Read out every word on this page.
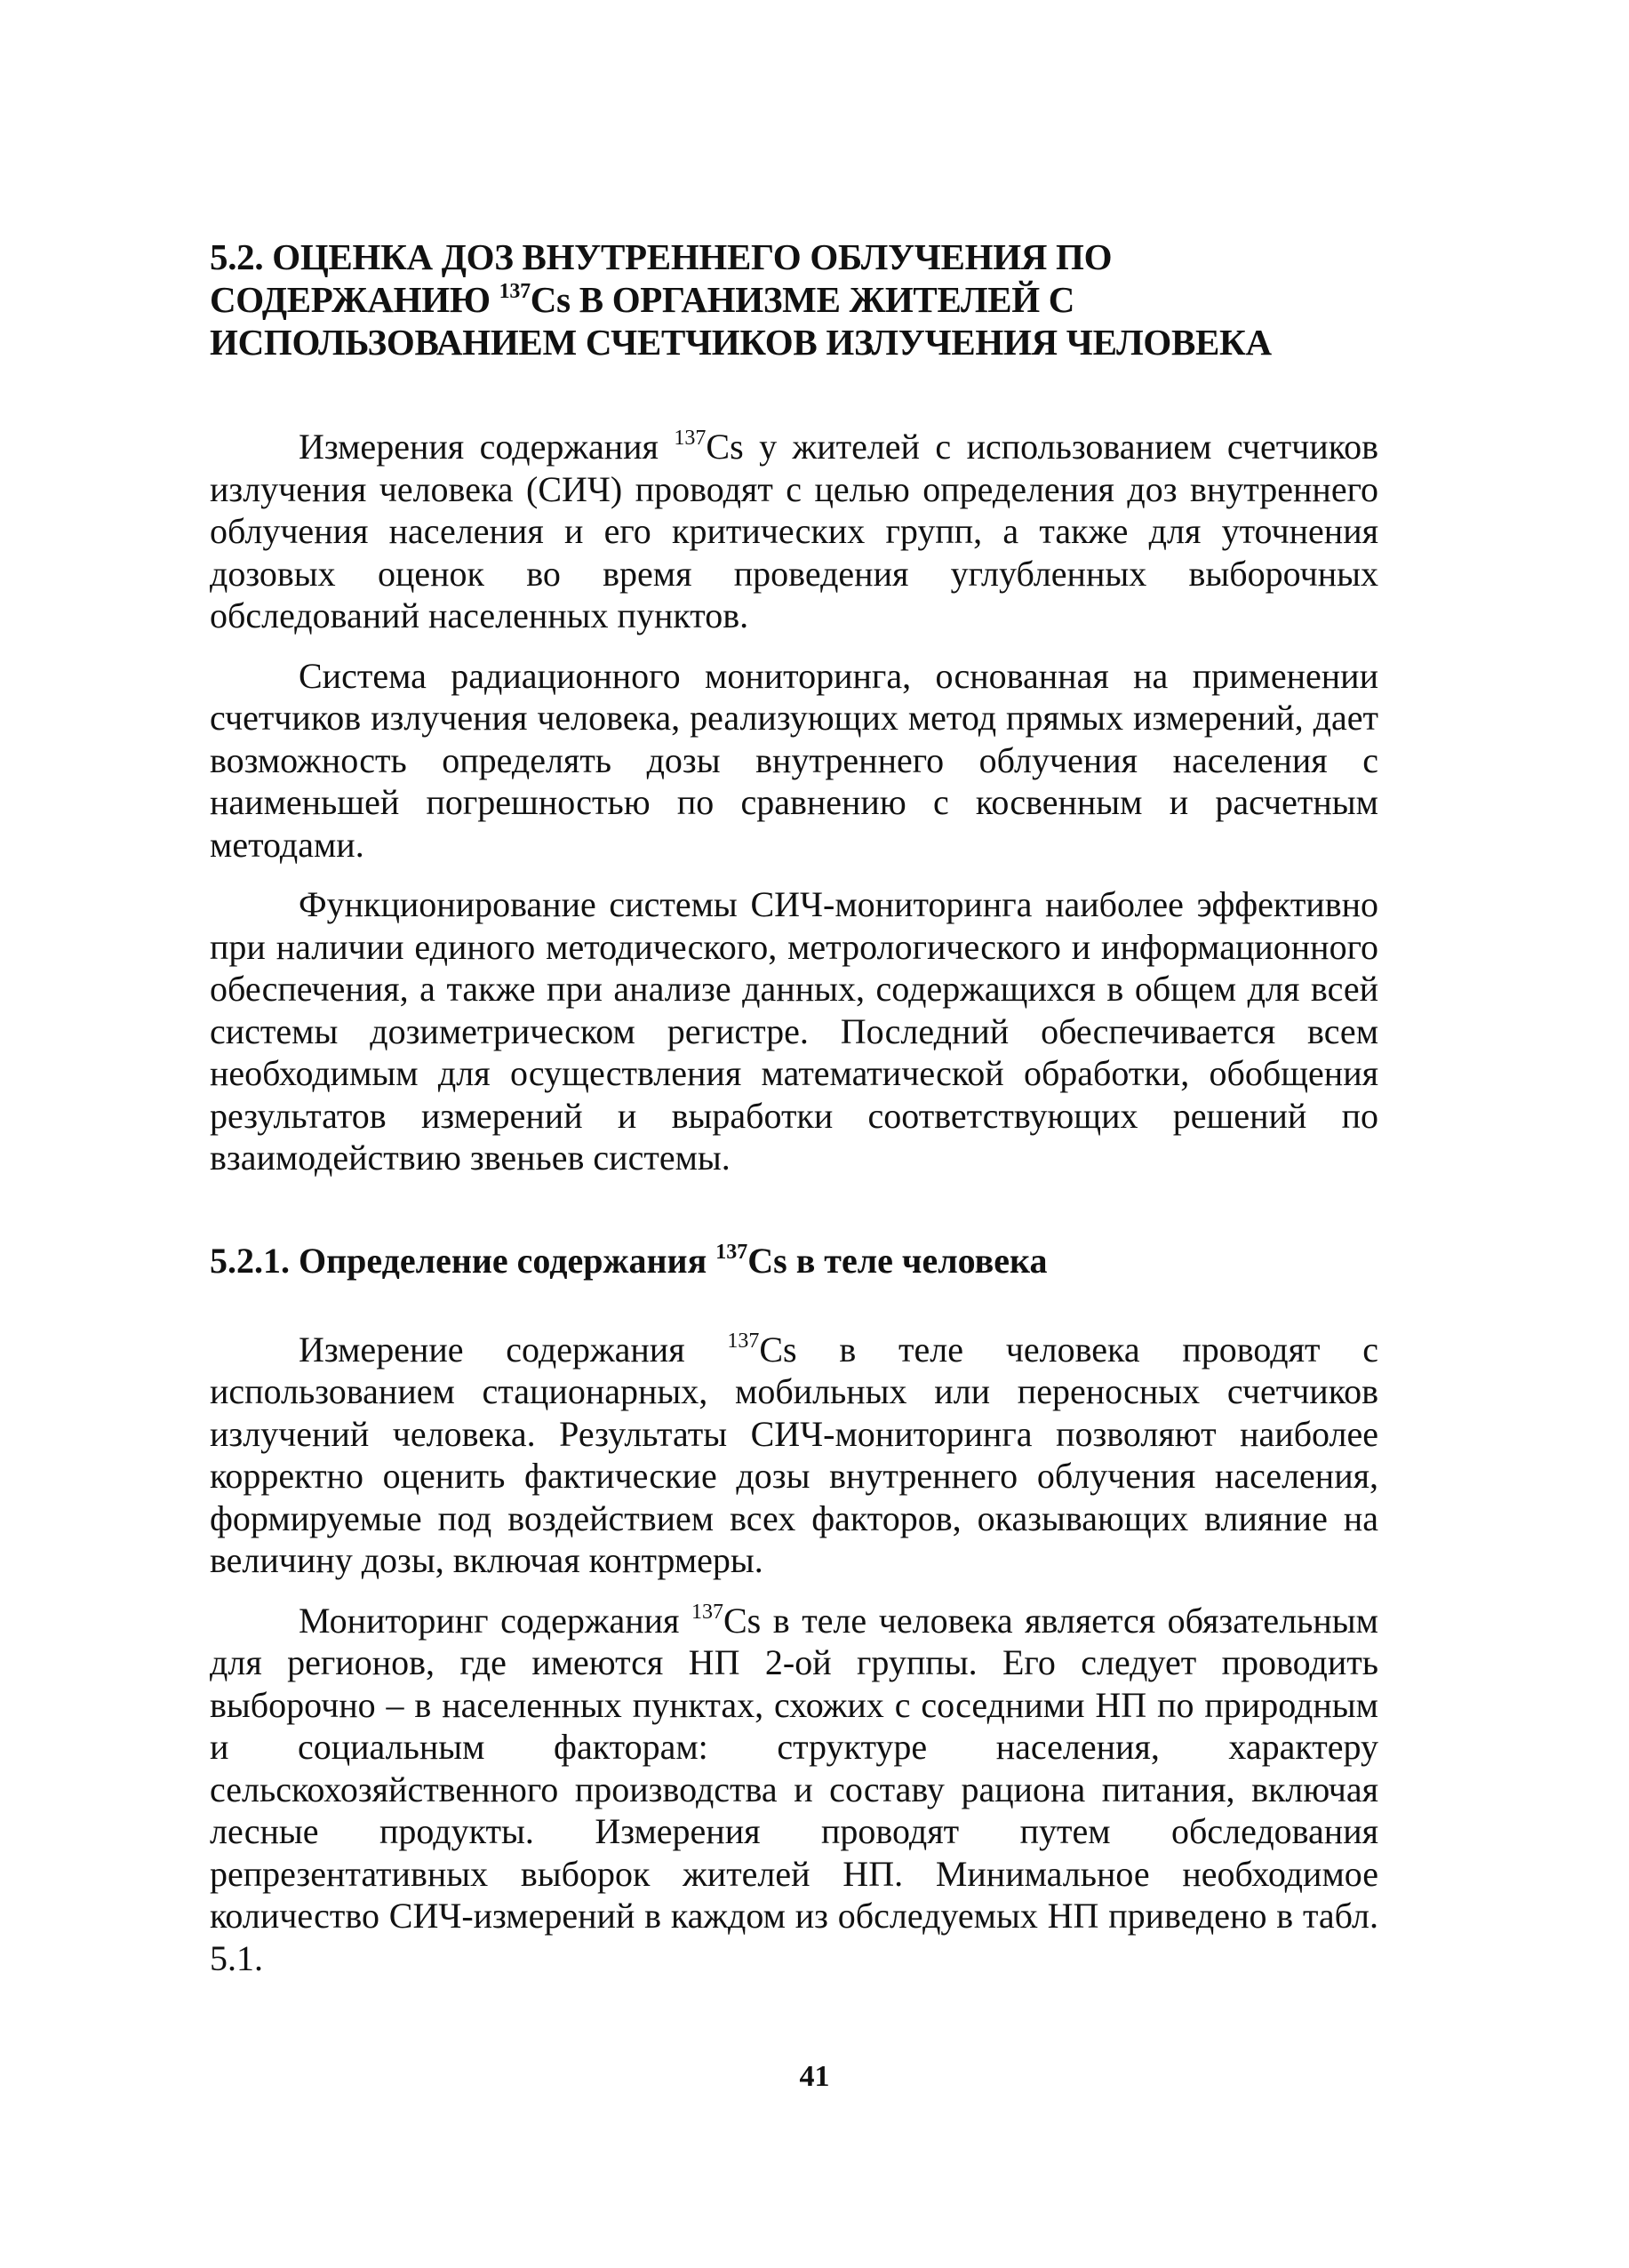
5.2. ОЦЕНКА ДОЗ ВНУТРЕННЕГО ОБЛУЧЕНИЯ ПО
СОДЕРЖАНИЮ $^{137}$Cs В ОРГАНИЗМЕ ЖИТЕЛЕЙ С
ИСПОЛЬЗОВАНИЕМ СЧЕТЧИКОВ ИЗЛУЧЕНИЯ ЧЕЛОВЕКА

Измерения содержания $^{137}$Cs у жителей с использованием счетчиков излучения человека (СИЧ) проводят с целью определения доз внутреннего облучения населения и его критических групп, а также для уточнения дозовых оценок во время проведения углубленных выборочных обследований населенных пунктов.

Система радиационного мониторинга, основанная на применении счетчиков излучения человека, реализующих метод прямых измерений, дает возможность определять дозы внутреннего облучения населения с наименьшей погрешностью по сравнению с косвенным и расчетным методами.

Функционирование системы СИЧ-мониторинга наиболее эффективно при наличии единого методического, метрологического и информационного обеспечения, а также при анализе данных, содержащихся в общем для всей системы дозиметрическом регистре. Последний обеспечивается всем необходимым для осуществления математической обработки, обобщения результатов измерений и выработки соответствующих решений по взаимодействию звеньев системы.

5.2.1. Определение содержания $^{137}$Cs в теле человека

Измерение содержания $^{137}$Cs в теле человека проводят с использованием стационарных, мобильных или переносных счетчиков излучений человека. Результаты СИЧ-мониторинга позволяют наиболее корректно оценить фактические дозы внутреннего облучения населения, формируемые под воздействием всех факторов, оказывающих влияние на величину дозы, включая контрмеры.

Мониторинг содержания $^{137}$Cs в теле человека является обязательным для регионов, где имеются НП 2-ой группы. Его следует проводить выборочно – в населенных пунктах, схожих с соседними НП по природным и социальным факторам: структуре населения, характеру сельскохозяйственного производства и составу рациона питания, включая лесные продукты. Измерения проводят путем обследования репрезентативных выборок жителей НП. Минимальное необходимое количество СИЧ-измерений в каждом из обследуемых НП приведено в табл. 5.1.

41
